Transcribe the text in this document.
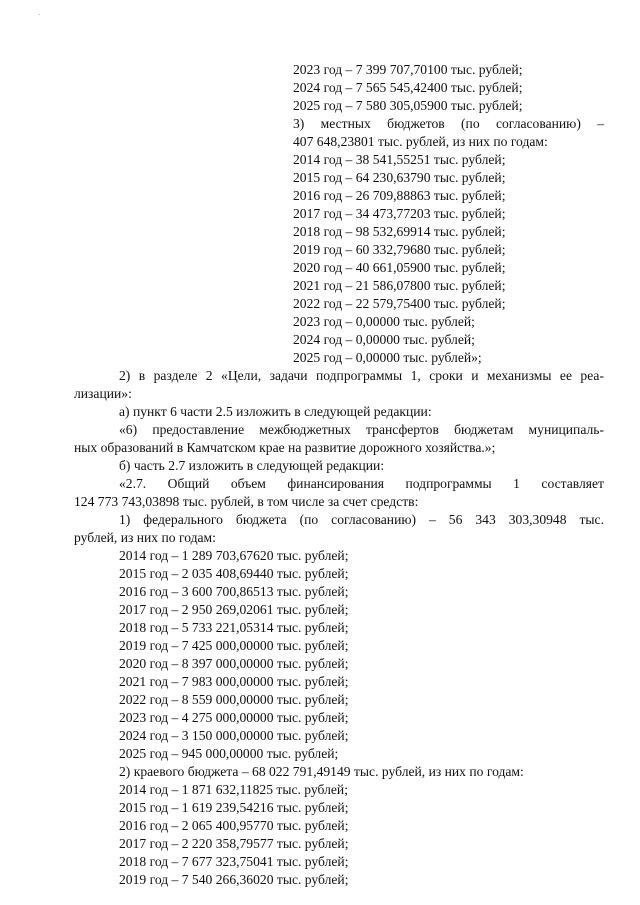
2023 год – 7 399 707,70100 тыс. рублей;
2024 год – 7 565 545,42400 тыс. рублей;
2025 год – 7 580 305,05900 тыс. рублей;
3) местных бюджетов (по согласованию) –
407 648,23801 тыс. рублей, из них по годам:
2014 год – 38 541,55251 тыс. рублей;
2015 год – 64 230,63790 тыс. рублей;
2016 год – 26 709,88863 тыс. рублей;
2017 год – 34 473,77203 тыс. рублей;
2018 год – 98 532,69914 тыс. рублей;
2019 год – 60 332,79680 тыс. рублей;
2020 год – 40 661,05900 тыс. рублей;
2021 год – 21 586,07800 тыс. рублей;
2022 год – 22 579,75400 тыс. рублей;
2023 год – 0,00000 тыс. рублей;
2024 год – 0,00000 тыс. рублей;
2025 год – 0,00000 тыс. рублей»;
2) в разделе 2 «Цели, задачи подпрограммы 1, сроки и механизмы ее реа-
лизации»:
а) пункт 6 части 2.5 изложить в следующей редакции:
«6) предоставление межбюджетных трансфертов бюджетам муниципаль-
ных образований в Камчатском крае на развитие дорожного хозяйства.»;
б) часть 2.7 изложить в следующей редакции:
«2.7. Общий объем финансирования подпрограммы 1 составляет
124 773 743,03898 тыс. рублей, в том числе за счет средств:
1) федерального бюджета (по согласованию) – 56 343 303,30948 тыс.
рублей, из них по годам:
2014 год – 1 289 703,67620 тыс. рублей;
2015 год – 2 035 408,69440 тыс. рублей;
2016 год – 3 600 700,86513 тыс. рублей;
2017 год – 2 950 269,02061 тыс. рублей;
2018 год – 5 733 221,05314 тыс. рублей;
2019 год – 7 425 000,00000 тыс. рублей;
2020 год – 8 397 000,00000 тыс. рублей;
2021 год – 7 983 000,00000 тыс. рублей;
2022 год – 8 559 000,00000 тыс. рублей;
2023 год – 4 275 000,00000 тыс. рублей;
2024 год – 3 150 000,00000 тыс. рублей;
2025 год – 945 000,00000 тыс. рублей;
2) краевого бюджета – 68 022 791,49149 тыс. рублей, из них по годам:
2014 год – 1 871 632,11825 тыс. рублей;
2015 год – 1 619 239,54216 тыс. рублей;
2016 год – 2 065 400,95770 тыс. рублей;
2017 год – 2 220 358,79577 тыс. рублей;
2018 год – 7 677 323,75041 тыс. рублей;
2019 год – 7 540 266,36020 тыс. рублей;
